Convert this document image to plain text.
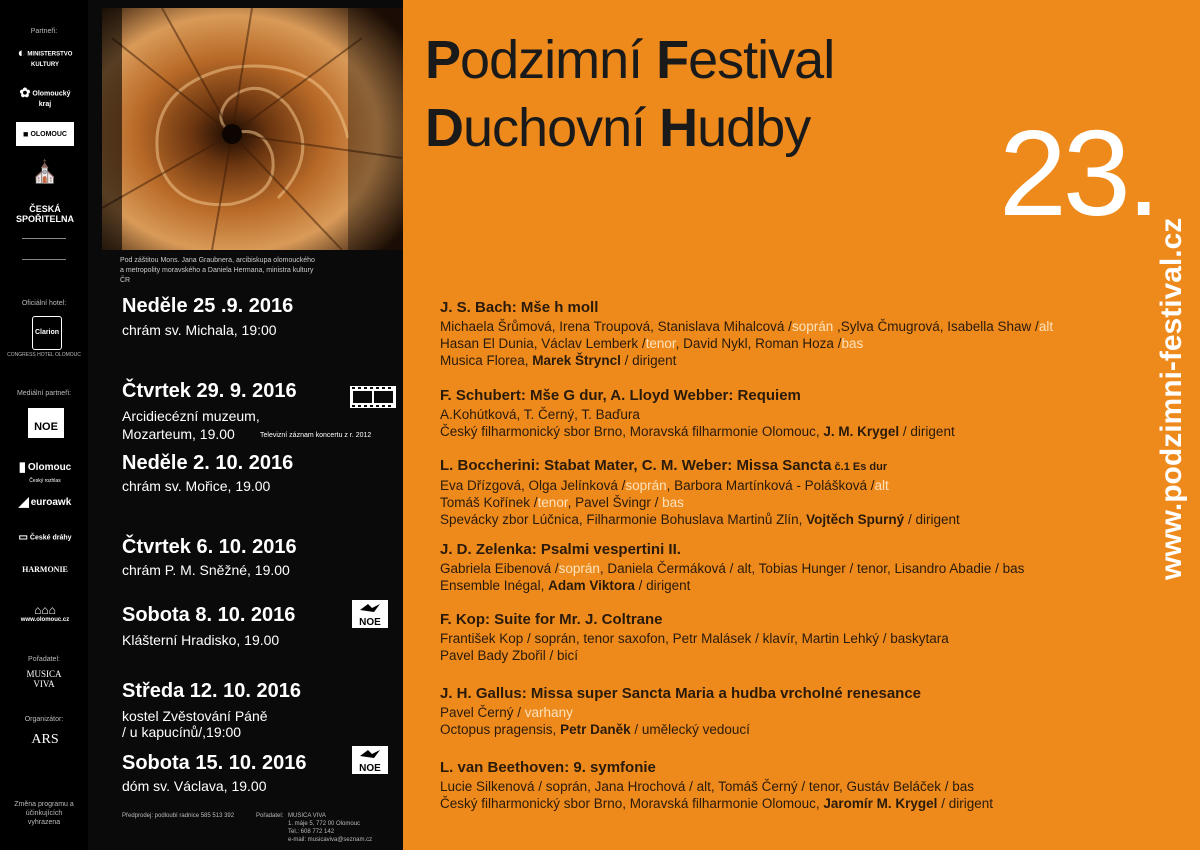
Partneři:
◐ MINISTERSTVO KULTURY
✿ Olomoucký kraj
■ OLOMOUC
⛪
ČESKÁ SPOŘITELNA
Oficiální hotel:
Clarion
CONGRESS HOTEL OLOMOUC
Mediální partneři:
NOE
▮ Olomouc
Český rozhlas
◢ euroawk
▭ České dráhy
HARMONIE
⌂⌂⌂
www.olomouc.cz
Pořadatel:
MUSICA VIVA
Organizátor:
ARS
Změna programu a účinkujících vyhrazena
Pod záštitou Mons. Jana Graubnera, arcibiskupa olomouckého a metropolity moravského a Daniela Hermana, ministra kultury ČR
Neděle 25 .9. 2016
chrám sv. Michala, 19:00
Čtvrtek 29. 9. 2016
Arcidiecézní muzeum,
Mozarteum, 19.00	Televizní záznam koncertu z r. 2012
Neděle 2. 10. 2016
chrám sv. Mořice, 19.00
Čtvrtek 6. 10. 2016
chrám P. M. Sněžné, 19.00
Sobota 8. 10. 2016	NOE
Klášterní Hradisko, 19.00
Středa 12. 10. 2016
kostel Zvěstování Páně
/ u kapucínů/,19:00
Sobota 15. 10. 2016	NOE
dóm sv. Václava, 19.00
Předprodej: podloubí radnice 585 513 392	Pořadatel: MUSICA VIVA
1. máje 5, 772 00 Olomouc
Tel.: 608 772 142
e-mail: musicaviva@seznam.cz
Podzimní Festival
Duchovní Hudby 23.
www.podzimni-festival.cz
J. S. Bach: Mše h moll
Michaela Šrůmová, Irena Troupová, Stanislava Mihalcová /soprán ,Sylva Čmugrová, Isabella Shaw /alt
Hasan El Dunia, Václav Lemberk /tenor, David Nykl, Roman Hoza /bas
Musica Florea, Marek Štryncl / dirigent
F. Schubert: Mše G dur, A. Lloyd Webber: Requiem
A.Kohútková, T. Černý, T. Baďura
Český filharmonický sbor Brno, Moravská filharmonie Olomouc, J. M. Krygel / dirigent
L. Boccherini: Stabat Mater, C. M. Weber: Missa Sancta č.1 Es dur
Eva Dřízgová, Olga Jelínková /soprán, Barbora Martínková - Polášková /alt
Tomáš Kořínek /tenor, Pavel Švingr / bas
Spevácky zbor Lúčnica, Filharmonie Bohuslava Martinů Zlín, Vojtěch Spurný / dirigent
J. D. Zelenka: Psalmi vespertini II.
Gabriela Eibenová /soprán, Daniela Čermáková / alt, Tobias Hunger / tenor, Lisandro Abadie / bas
Ensemble Inégal, Adam Viktora / dirigent
F. Kop: Suite for Mr. J. Coltrane
František Kop / soprán, tenor saxofon, Petr Malásek / klavír, Martin Lehký / baskytara
Pavel Bady Zbořil / bicí
J. H. Gallus: Missa super Sancta Maria a hudba vrcholné renesance
Pavel Černý / varhany
Octopus pragensis, Petr Daněk / umělecký vedoucí
L. van Beethoven: 9. symfonie
Lucie Silkenová / soprán, Jana Hrochová / alt, Tomáš Černý / tenor, Gustáv Beláček / bas
Český filharmonický sbor Brno, Moravská filharmonie Olomouc, Jaromír M. Krygel / dirigent
